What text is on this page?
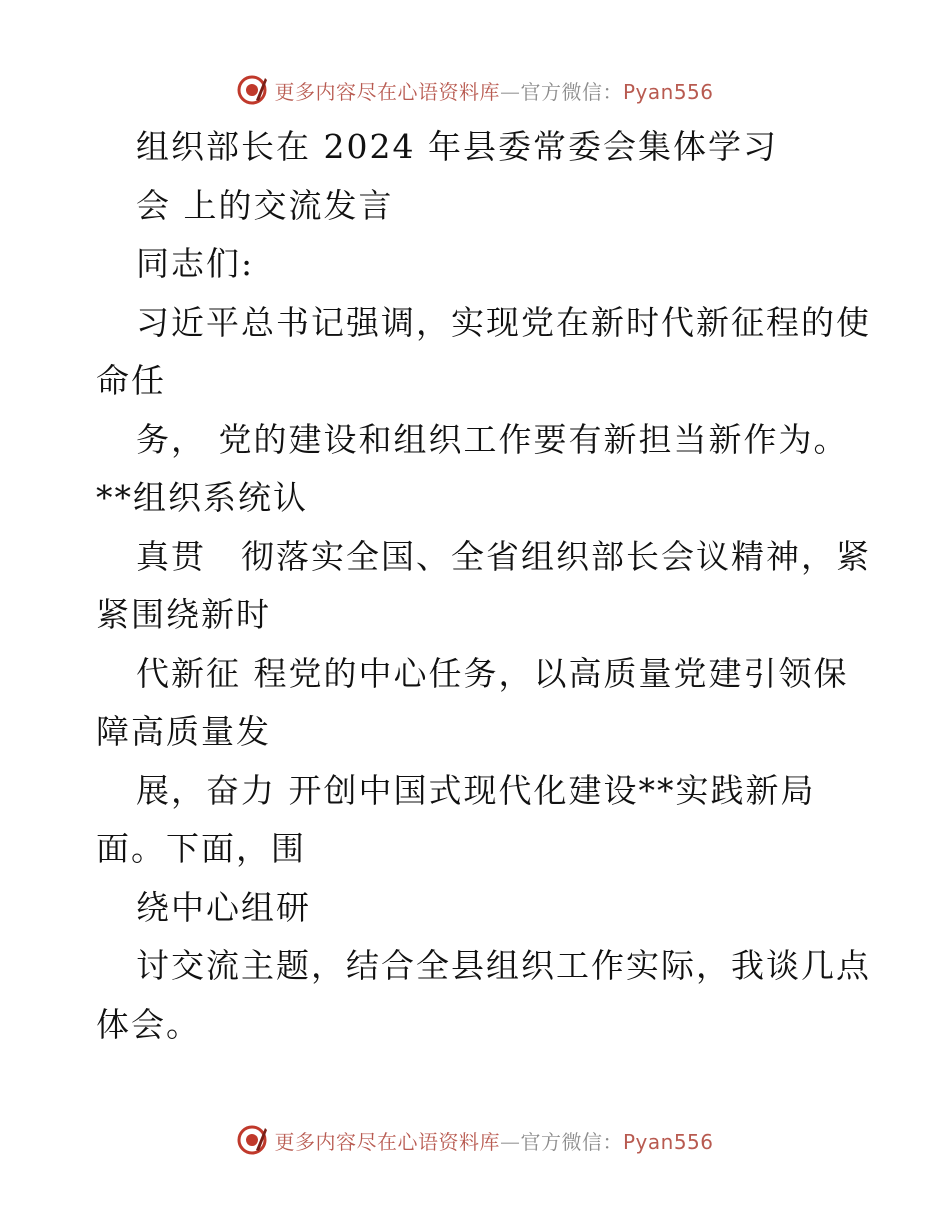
更多内容尽在心语资料库—官方微信：Pyan556
组织部长在 2024 年县委常委会集体学习
会 上的交流发言
同志们:
习近平总书记强调，实现党在新时代新征程的使
命任
务， 党的建设和组织工作要有新担当新作为。
**组织系统认
真贯　彻落实全国、全省组织部长会议精神，紧
紧围绕新时
代新征 程党的中心任务，以高质量党建引领保
障高质量发
展，奋力 开创中国式现代化建设**实践新局
面。下面，围
绕中心组研
讨交流主题，结合全县组织工作实际，我谈几点
体会。
更多内容尽在心语资料库—官方微信：Pyan556
